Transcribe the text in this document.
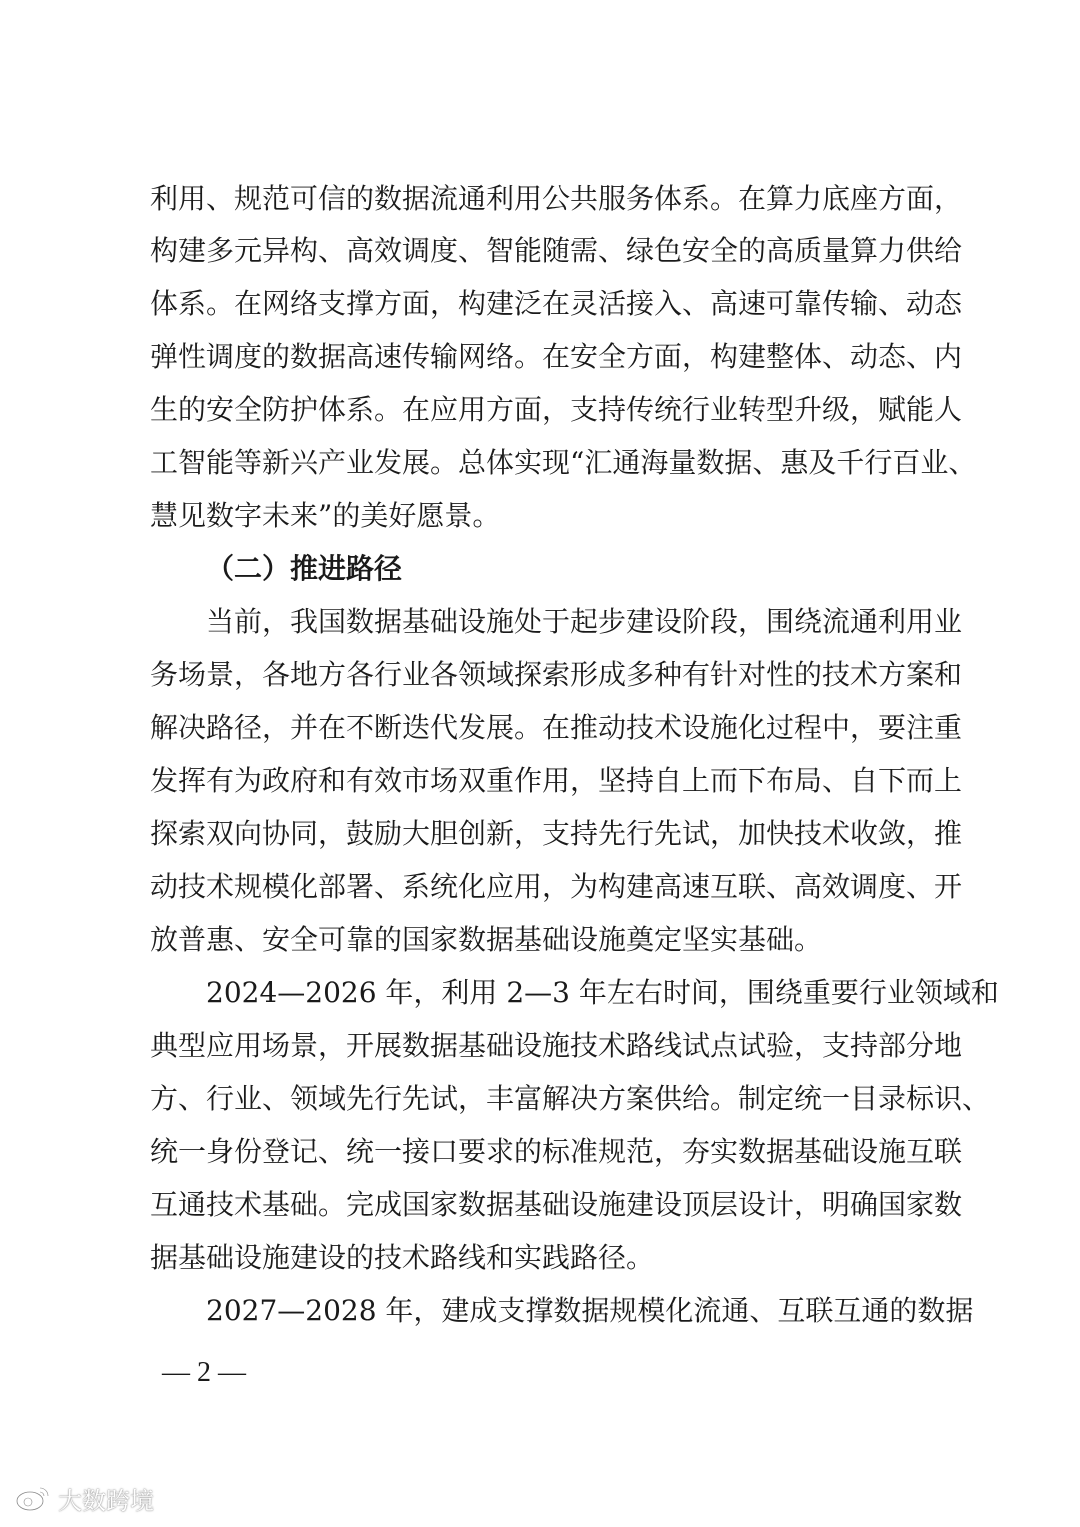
利用、规范可信的数据流通利用公共服务体系。在算力底座方面，
构建多元异构、高效调度、智能随需、绿色安全的高质量算力供给
体系。在网络支撑方面，构建泛在灵活接入、高速可靠传输、动态
弹性调度的数据高速传输网络。在安全方面，构建整体、动态、内
生的安全防护体系。在应用方面，支持传统行业转型升级，赋能人
工智能等新兴产业发展。总体实现“汇通海量数据、惠及千行百业、
慧见数字未来”的美好愿景。
（二）推进路径
当前，我国数据基础设施处于起步建设阶段，围绕流通利用业
务场景，各地方各行业各领域探索形成多种有针对性的技术方案和
解决路径，并在不断迭代发展。在推动技术设施化过程中，要注重
发挥有为政府和有效市场双重作用，坚持自上而下布局、自下而上
探索双向协同，鼓励大胆创新，支持先行先试，加快技术收敛，推
动技术规模化部署、系统化应用，为构建高速互联、高效调度、开
放普惠、安全可靠的国家数据基础设施奠定坚实基础。
2024—2026 年，利用 2—3 年左右时间，围绕重要行业领域和
典型应用场景，开展数据基础设施技术路线试点试验，支持部分地
方、行业、领域先行先试，丰富解决方案供给。制定统一目录标识、
统一身份登记、统一接口要求的标准规范，夯实数据基础设施互联
互通技术基础。完成国家数据基础设施建设顶层设计，明确国家数
据基础设施建设的技术路线和实践路径。
2027—2028 年，建成支撑数据规模化流通、互联互通的数据
— 2 —
大数跨境
